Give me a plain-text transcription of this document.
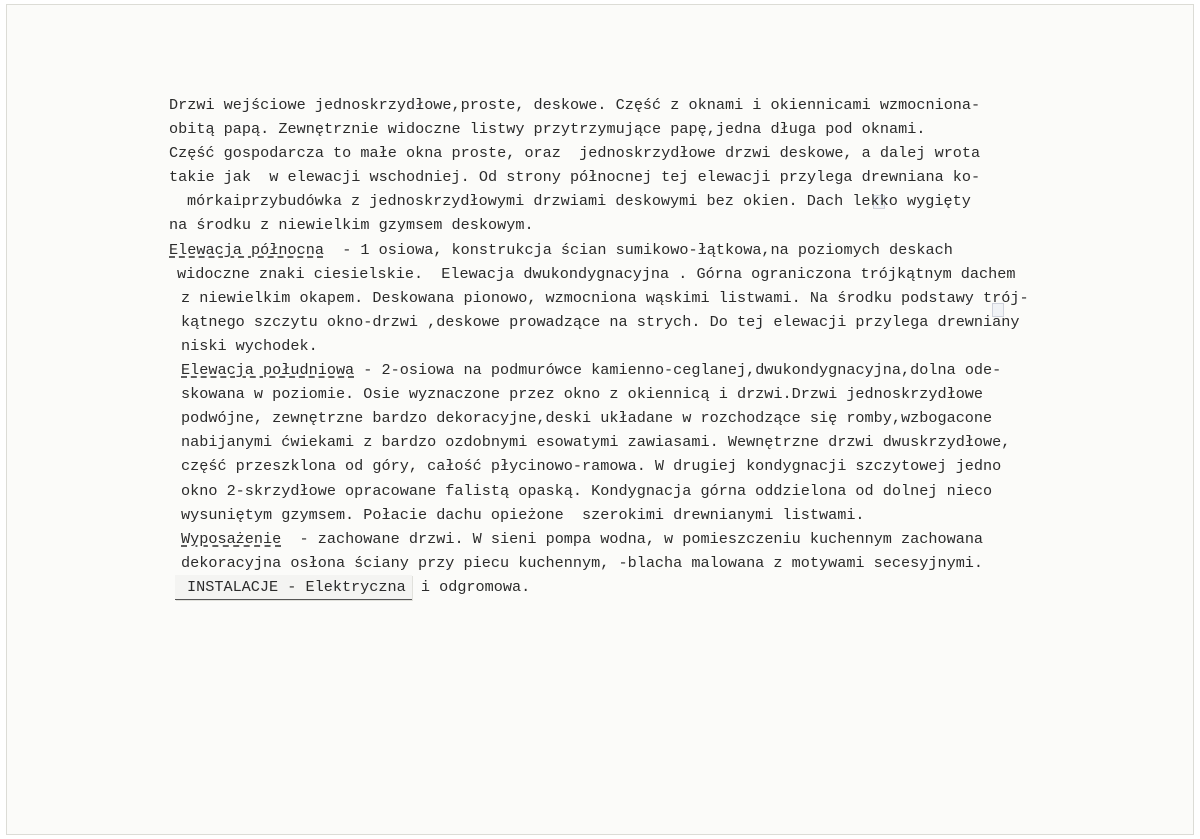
Drzwi wejściowe jednoskrzydłowe,proste, deskowe. Część z oknami i okiennicami wzmocniona-
obitą papą. Zewnętrznie widoczne listwy przytrzymujące papę,jedna długa pod oknami.
Część gospodarcza to małe okna proste, oraz  jednoskrzydłowe drzwi deskowe, a dalej wrota
takie jak  w elewacji wschodniej. Od strony północnej tej elewacji przylega drewniana ko-
mórkaiprzybudówka z jednoskrzydłowymi drzwiami deskowymi bez okien. Dach lekko wygięty
na środku z niewielkim gzymsem deskowym.
Elewacja północna - 1 osiowa, konstrukcja ścian sumikowo-łątkowa,na poziomych deskach
widoczne znaki ciesielskie.  Elewacja dwukondygnacyjna . Górna ograniczona trójkątnym dachem
z niewielkim okapem. Deskowana pionowo, wzmocniona wąskimi listwami. Na środku podstawy trój-
kątnego szczytu okno-drzwi ,deskowe prowadzące na strych. Do tej elewacji przylega drewniany
niski wychodek.
Elewacja południowa - 2-osiowa na podmurówce kamienno-ceglanej,dwukondygnacyjna,dolna ode-
skowana w poziomie. Osie wyznaczone przez okno z okiennicą i drzwi.Drzwi jednoskrzydłowe
podwójne, zewnętrzne bardzo dekoracyjne,deski układane w rozchodzące się romby,wzbogacone
nabijanymi ćwiekami z bardzo ozdobnymi esowatymi zawiasami. Wewnętrzne drzwi dwuskrzydłowe,
część przeszklona od góry, całość płycinowo-ramowa. W drugiej kondygnacji szczytowej jedno
okno 2-skrzydłowe opracowane falistą opaską. Kondygnacja górna oddzielona od dolnej nieco
wysuniętym gzymsem. Połacie dachu opieżone  szerokimi drewnianymi listwami.
Wyposażenie - zachowane drzwi. W sieni pompa wodna, w pomieszczeniu kuchennym zachowana
dekoracyjna osłona ściany przy piecu kuchennym, -blacha malowana z motywami secesyjnymi.
INSTALACJE - Elektryczna i odgromowa.
